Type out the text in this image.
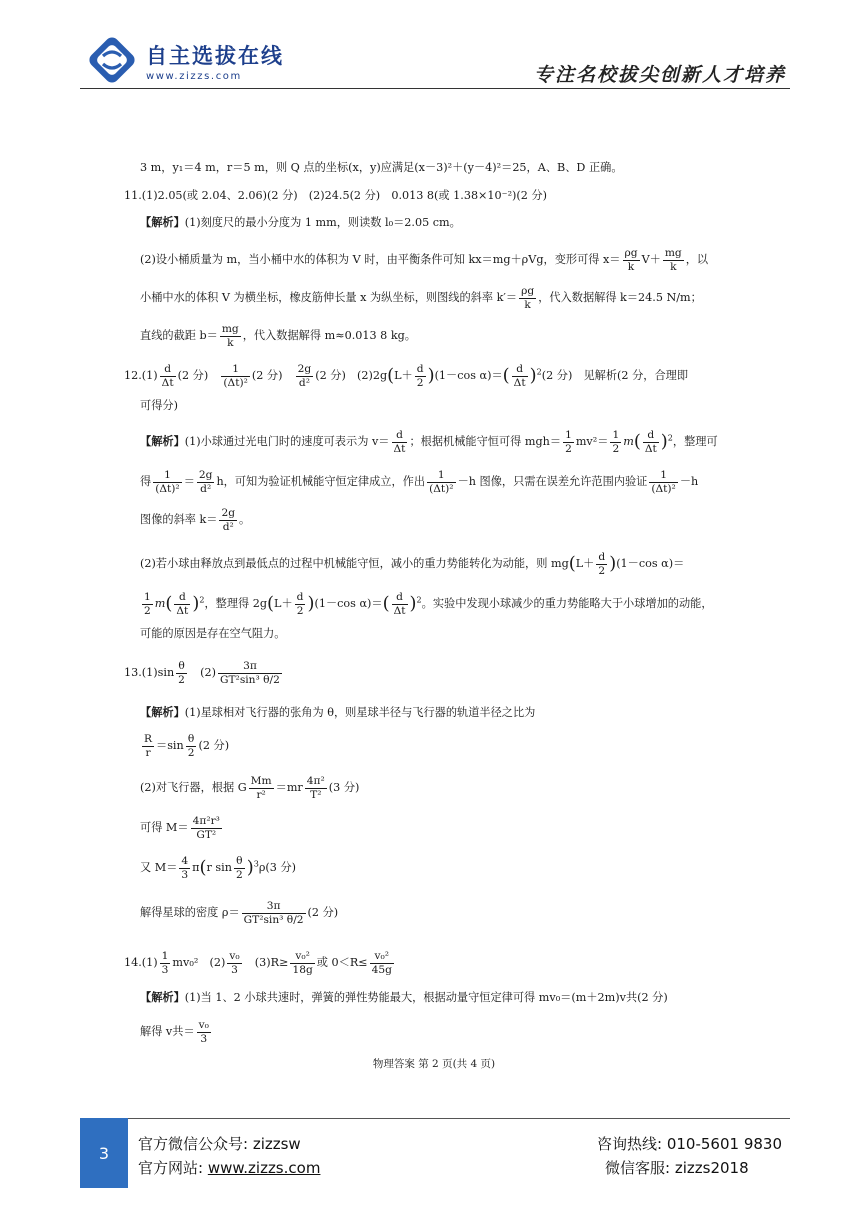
自主选拔在线
www.zizzs.com	专注名校拔尖创新人才培养
3 m，y₁＝4 m，r＝5 m，则 Q 点的坐标(x，y)应满足(x－3)²＋(y－4)²＝25，A、B、D 正确。
11.(1)2.05(或 2.04、2.06)(2 分)　(2)24.5(2 分)　0.013 8(或 1.38×10⁻²)(2 分)
【解析】(1)刻度尺的最小分度为 1 mm，则读数 l₀＝2.05 cm。
(2)设小桶质量为 m，当小桶中水的体积为 V 时，由平衡条件可知 kx＝mg＋ρVg，变形可得 $x= \frac{\rho g}{k} V+ \frac{mg}{k}$ ，以
小桶中水的体积 V 为横坐标，橡皮筋伸长量 x 为纵坐标，则图线的斜率 $k'= \frac{\rho g}{k}$ ，代入数据解得 k＝24.5 N/m；
直线的截距 $b= \frac{mg}{k}$ ，代入数据解得 m≈0.013 8 kg。
$12.(1) \frac{d}{\Delta t} (2$ 分)　 $\frac{1}{\text{(Δt)²}} (2$ 分)　 $\frac{2g}{\text{d²}} (2$ 分)　$(2)2g(L+ \frac{d}{2} )(1-\cos$ $\alpha)=( \frac{d}{\Delta t} )^2(2$ 分)　见解析(2 分，合理即
可得分)
【解析】(1)小球通过光电门时的速度可表示为 $v= \frac{d}{\Delta t}$ ；根据机械能守恒可得 $mgh= \frac{1}{2} mv^2= \frac{1}{2} m( \frac{d}{\Delta t} )^2$，整理可
得 $\frac{1}{\text{(Δt)²}} = \frac{2g}{\text{d²}}$ h，可知为验证机械能守恒定律成立，作出 $\frac{1}{\text{(Δt)²}} -h$ 图像，只需在误差允许范围内验证 $\frac{1}{\text{(Δt)²}} -h$
图像的斜率 $k= \frac{2g}{\text{d²}}$ 。
(2)若小球由释放点到最低点的过程中机械能守恒，减小的重力势能转化为动能，则 $mg(L+ \frac{d}{2} )(1-\cos$ α)＝
$\frac{1}{2} m( \frac{d}{\Delta t} )^2$，整理得 $2g(L+ \frac{d}{2} )(1-\cos$ $\alpha)=( \frac{d}{\Delta t} )^2$。实验中发现小球减少的重力势能略大于小球增加的动能，
可能的原因是存在空气阻力。
$13.(1)\sin \frac{\theta}{2}$ 　$(2) \frac{3\pi}{\text{GT²sin³ θ/2}}$
【解析】(1)星球相对飞行器的张角为 θ，则星球半径与飞行器的轨道半径之比为
$\frac{R}{r} =\sin \frac{\theta}{2} (2$ 分)
(2)对飞行器，根据 G $\frac{Mm}{\text{r²}} =mr \frac{\text{4π²}}{\text{T²}} (3$ 分)
可得 $M= \frac{\text{4π²r³}}{\text{GT²}}$
又 $M= \frac{4}{3} \pi(r$ $\sin \frac{\theta}{2} )^3\rho(3$ 分)
解得星球的密度 $\rho= \frac{3\pi}{\text{GT²sin³ θ/2}} (2$ 分)
$14.(1) \frac{1}{3} mv_0^2$　$(2) \frac{\text{v₀}}{3}$ 　$(3)R\ge \frac{\text{v₀²}}{18g}$ 或 $0<R\le \frac{\text{v₀²}}{45g}$
【解析】(1)当 1、2 小球共速时，弹簧的弹性势能最大，根据动量守恒定律可得 mv₀＝(m＋2m)v共(2 分)
解得 v共＝ $\frac{\text{v₀}}{3}$
物理答案 第 2 页(共 4 页)
3	官方微信公众号: zizzsw
官方网站: www.zizzs.com
咨询热线: 010-5601 9830
微信客服: zizzs2018
